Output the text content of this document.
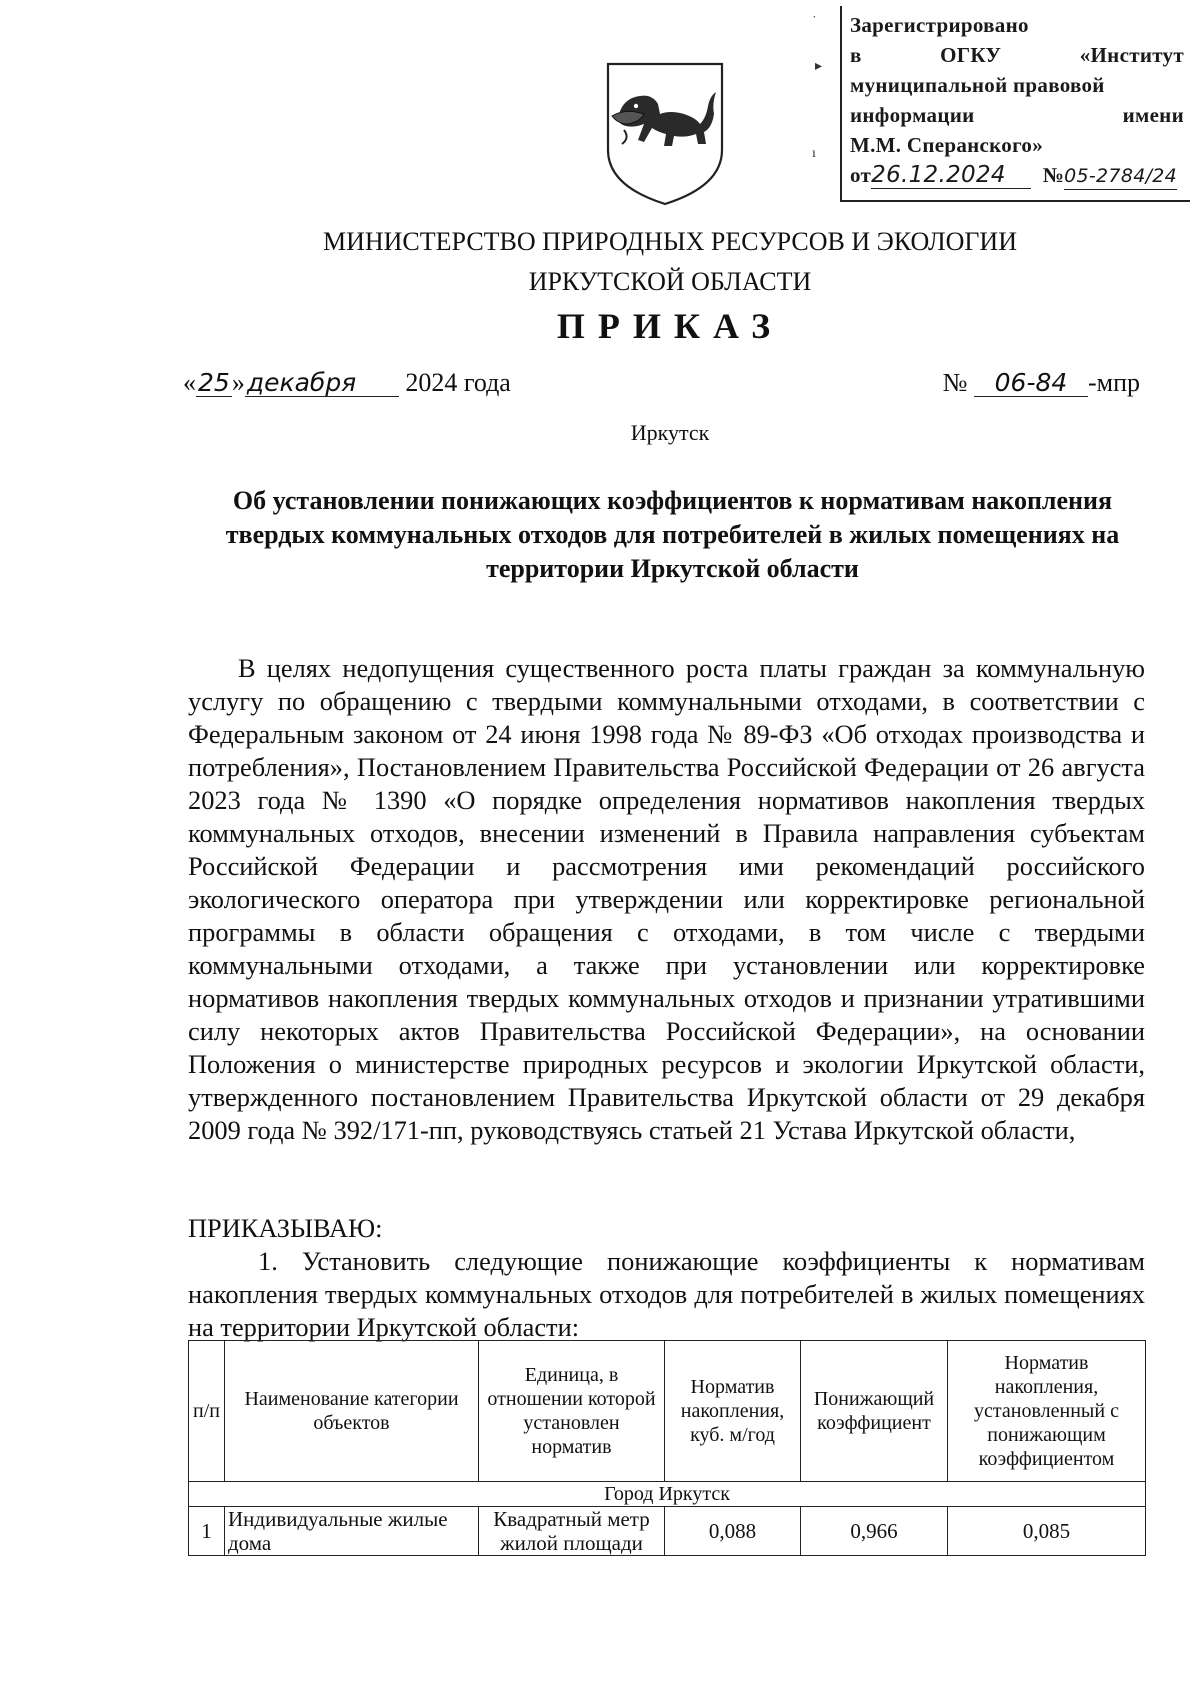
Зарегистрировано
в	ОГКУ	«Институт
муниципальной правовой
информации	имени
М.М. Сперанского»
от26.12.2024 №05-2784/24
˙
▸
ı
МИНИСТЕРСТВО ПРИРОДНЫХ РЕСУРСОВ И ЭКОЛОГИИ
ИРКУТСКОЙ ОБЛАСТИ
ПРИКАЗ
«25»декабря 2024 года	№ 06-84 -мпр
Иркутск
Об установлении понижающих коэффициентов к нормативам накопления твердых коммунальных отходов для потребителей в жилых помещениях на территории Иркутской области
В целях недопущения существенного роста платы граждан за коммунальную услугу по обращению с твердыми коммунальными отходами, в соответствии с Федеральным законом от 24 июня 1998 года № 89-ФЗ «Об отходах производства и потребления», Постановлением Правительства Российской Федерации от 26 августа 2023 года № 1390 «О порядке определения нормативов накопления твердых коммунальных отходов, внесении изменений в Правила направления субъектам Российской Федерации и рассмотрения ими рекомендаций российского экологического оператора при утверждении или корректировке региональной программы в области обращения с отходами, в том числе с твердыми коммунальными отходами, а также при установлении или корректировке нормативов накопления твердых коммунальных отходов и признании утратившими силу некоторых актов Правительства Российской Федерации», на основании Положения о министерстве природных ресурсов и экологии Иркутской области, утвержденного постановлением Правительства Иркутской области от 29 декабря 2009 года № 392/171-пп, руководствуясь статьей 21 Устава Иркутской области,
ПРИКАЗЫВАЮ:
1. Установить следующие понижающие коэффициенты к нормативам накопления твердых коммунальных отходов для потребителей в жилых помещениях на территории Иркутской области:
п/п	Наименование категории объектов	Единица, в отношении которой установлен норматив	Норматив накопления, куб. м/год	Понижающий коэффициент	Норматив накопления, установленный с понижающим коэффициентом
Город Иркутск					
1	Индивидуальные жилые дома	Квадратный метр жилой площади	0,088	0,966	0,085
